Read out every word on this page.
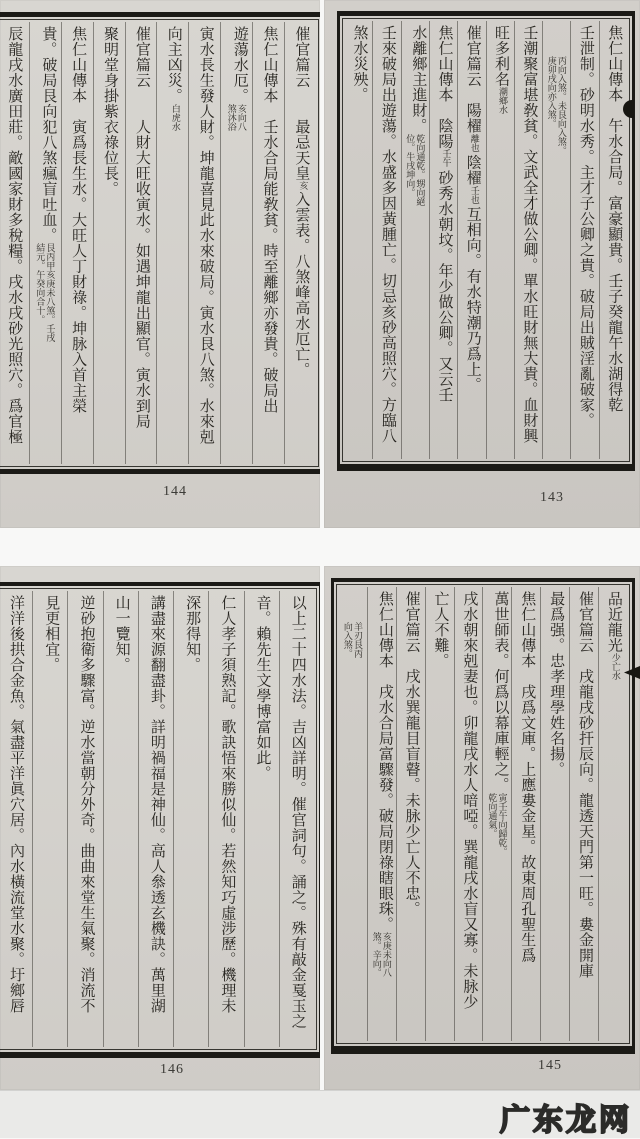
催官篇云最忌天皇亥入雲表。八煞峰高水厄亡。
焦仁山傳本壬水合局能敎貧。時至離鄉亦發貴。破局出
遊蕩水厄。亥向八煞沐浴
寅水長生發人財。坤龍喜見此水來破局。寅水艮八煞。水來剋
向主凶災。白虎水
催官篇云人財大旺收寅水。如遇坤龍出顯官。寅水到局
聚明堂身掛紫衣祿位長。
焦仁山傳本寅爲長生水。大旺人丁財祿。坤脉入首主榮
貴。破局艮向犯八煞瘋盲吐血。艮丙甲亥庚未八煞。壬戌結元。午癸向合十。
辰龍戌水廣田莊。敵國家財多稅糧。戌水戌砂光照穴。爲官極
144
焦仁山傳本午水合局。富豪顯貴。壬子癸龍午水湖得乾
壬泄制。砂明水秀。主才子公卿之貴。破局出賊淫亂破家。
丙向入煞。未艮向入煞。庚卯戌向亦入煞。
壬潮聚富堪敎貧。文武全才做公卿。單水旺財無大貴。血財興
旺多利名潮鄉水
催官篇云陽櫂離也陰櫂壬也互相向。有水特潮乃爲上。
焦仁山傳本陰陽壬午砂秀水朝坟。年少做公卿。又云壬
水離鄉主進財。乾向通乾。甥向絕位。牛戌坤向。
壬來破局出遊蕩。水盛多因黃腫亡。切忌亥砂高照穴。方臨八
煞水災殃。
143
以上二十四水法。吉凶詳明。催官詞句。誦之。殊有敲金戛玉之
音。賴先生文學博富如此。
仁人孝子須熟記。歌訣悟來勝似仙。若然知巧虛涉歷。機理未
深那得知。
講盡來源翻盡卦。詳明禍福是神仙。高人叅透玄機訣。萬里湖
山一覽知。
逆砂抱衛多驟富。逆水當朝分外奇。曲曲來堂生氣聚。消流不
見更相宜。
洋洋後拱合金魚。氣盡平洋眞穴居。內水橫流堂水聚。圩鄉唇
146
品近龍光少亡水
催官篇云戌龍戌砂扞辰向。龍透天門第一旺。婁金開庫
最爲强。忠孝理學姓名揚。
焦仁山傳本戌爲文庫。上應婁金星。故東周孔聖生爲
萬世師表。何爲以幕庫輕之。寅壬午向歸乾。乾向通氣。
戌水朝來剋妻也。卯龍戌水人喑啞。巽龍戌水盲又寡。未脉少
亡人不難。
催官篇云戌水巽龍目盲瞽。未脉少亡人不忠。
焦仁山傳本戌水合局富驟發。破局閉祿瞎眼珠。亥庚未向八煞。辛向。
羊刃艮丙向入煞。
145
广东龙网
